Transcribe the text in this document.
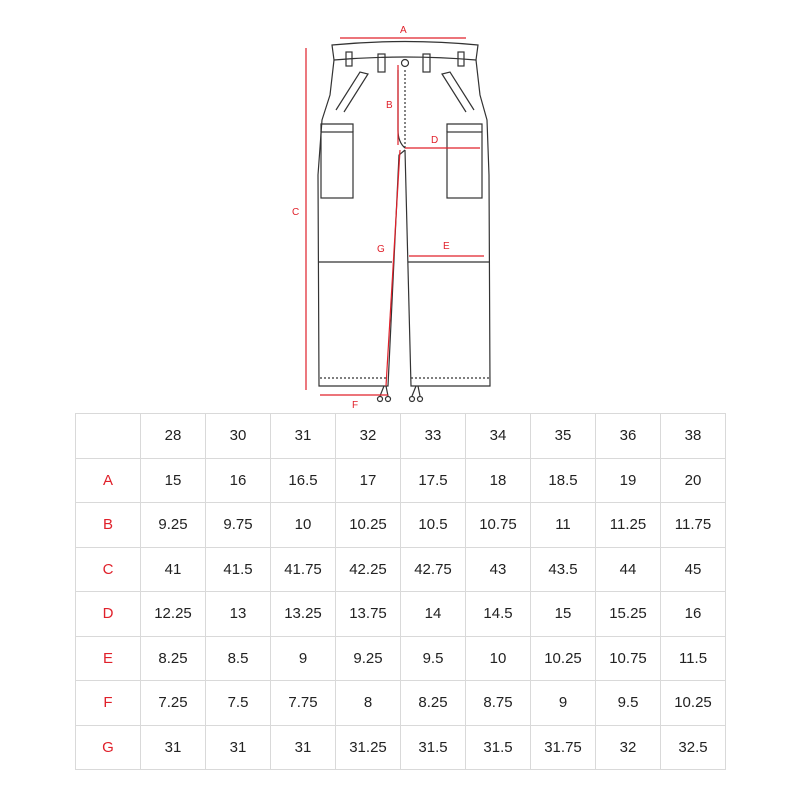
A
B
C
D
E
F
G
	28	30	31	32	33	34	35	36	38
A	15	16	16.5	17	17.5	18	18.5	19	20
B	9.25	9.75	10	10.25	10.5	10.75	11	11.25	11.75
C	41	41.5	41.75	42.25	42.75	43	43.5	44	45
D	12.25	13	13.25	13.75	14	14.5	15	15.25	16
E	8.25	8.5	9	9.25	9.5	10	10.25	10.75	11.5
F	7.25	7.5	7.75	8	8.25	8.75	9	9.5	10.25
G	31	31	31	31.25	31.5	31.5	31.75	32	32.5
